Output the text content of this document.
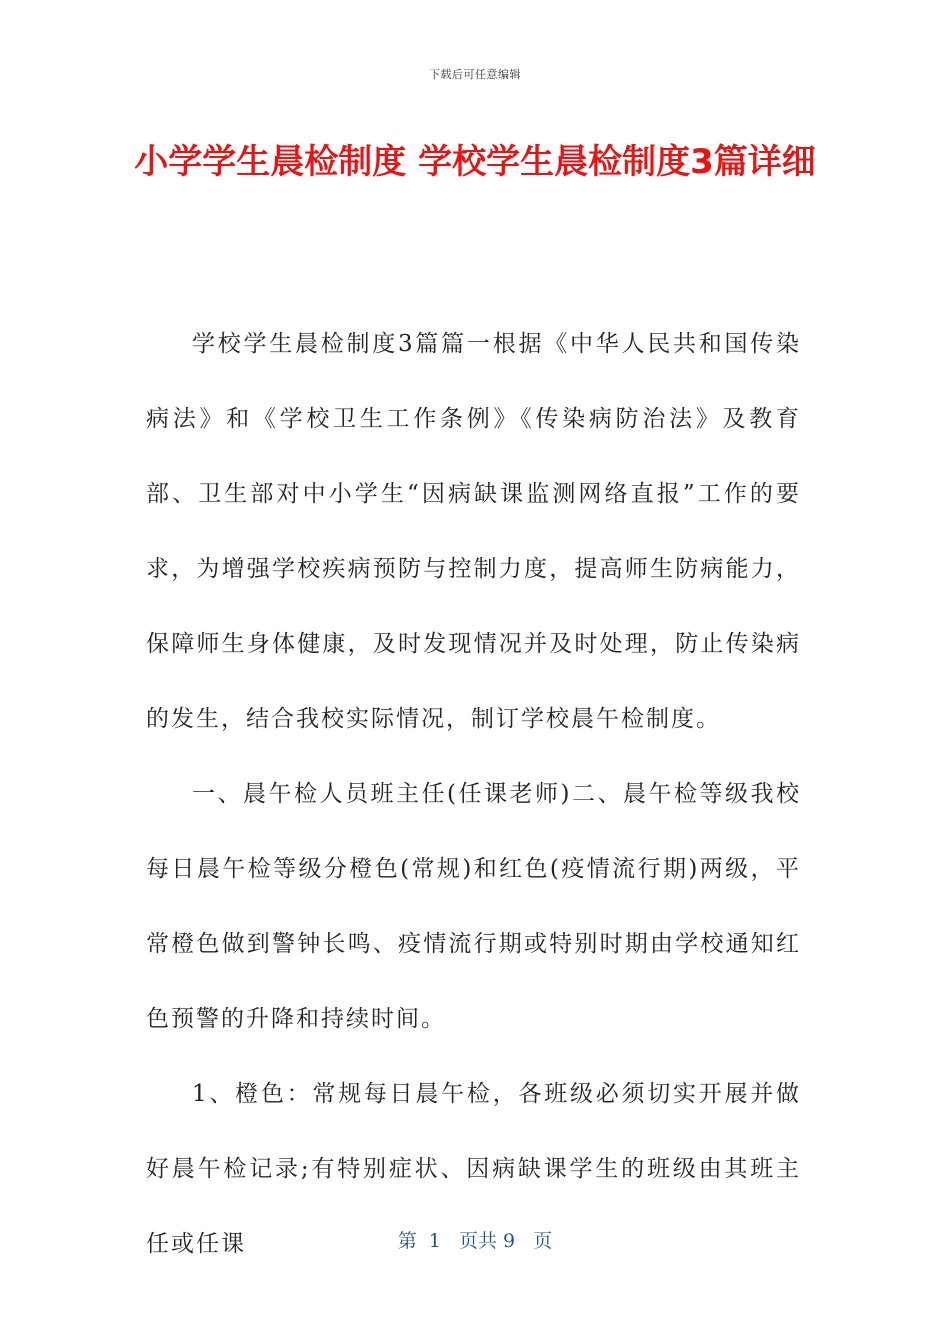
下载后可任意编辑
小学学生晨检制度 学校学生晨检制度3篇详细

学校学生晨检制度3篇篇一根据《中华人民共和国传染病法》和《学校卫生工作条例》《传染病防治法》及教育部、卫生部对中小学生“因病缺课监测网络直报”工作的要求，为增强学校疾病预防与控制力度，提高师生防病能力，保障师生身体健康，及时发现情况并及时处理，防止传染病的发生，结合我校实际情况，制订学校晨午检制度。

一、晨午检人员班主任(任课老师)二、晨午检等级我校每日晨午检等级分橙色(常规)和红色(疫情流行期)两级，平常橙色做到警钟长鸣、疫情流行期或特别时期由学校通知红色预警的升降和持续时间。

1、橙色：常规每日晨午检，各班级必须切实开展并做好晨午检记录;有特别症状、因病缺课学生的班级由其班主任或任课	第  1   页共 9   页
